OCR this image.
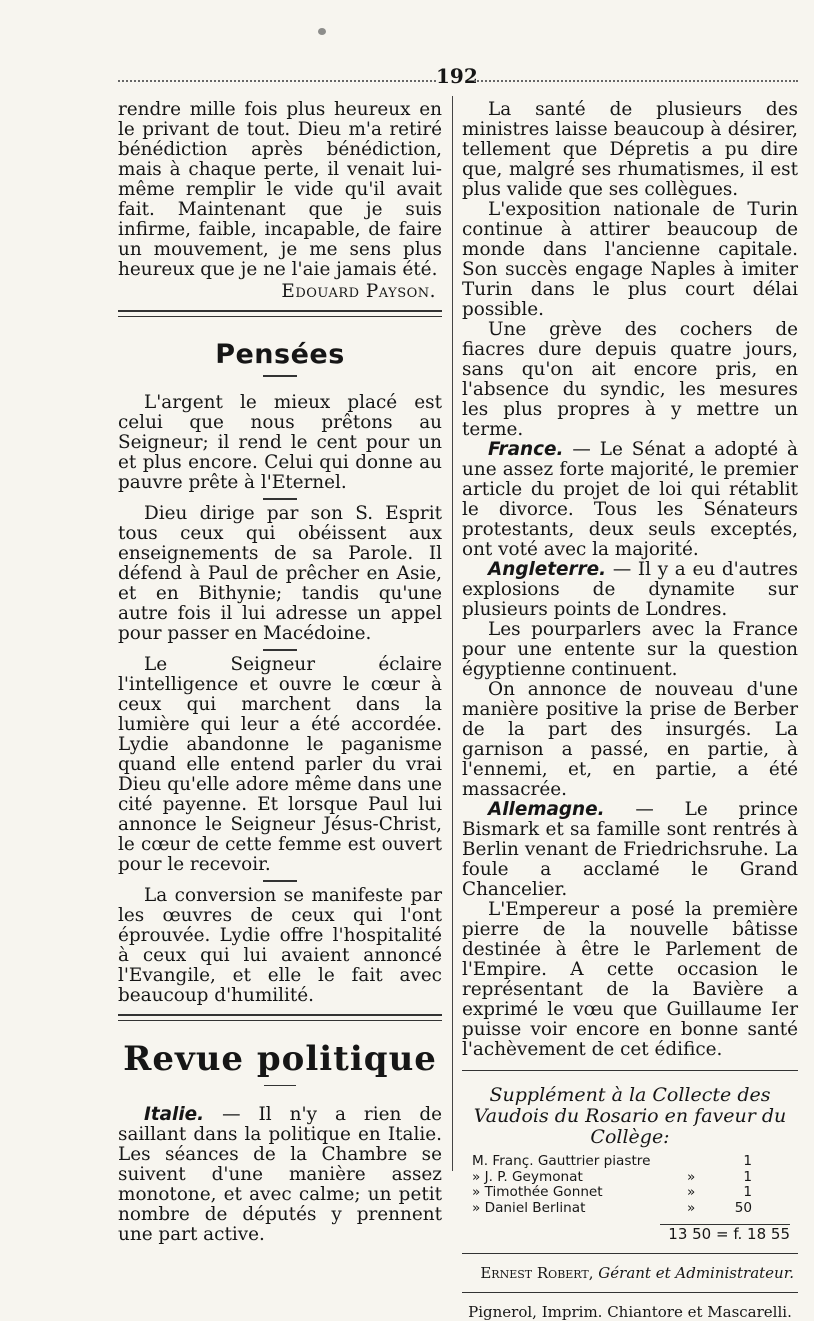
192

rendre mille fois plus heureux en le privant de tout. Dieu m'a retiré bénédiction après bénédiction, mais à chaque perte, il venait lui-même remplir le vide qu'il avait fait. Maintenant que je suis infirme, faible, incapable, de faire un mouvement, je me sens plus heureux que je ne l'aie jamais été.

Edouard Payson.

Pensées

L'argent le mieux placé est celui que nous prêtons au Seigneur; il rend le cent pour un et plus encore. Celui qui donne au pauvre prête à l'Eternel.

Dieu dirige par son S. Esprit tous ceux qui obéissent aux enseignements de sa Parole. Il défend à Paul de prêcher en Asie, et en Bithynie; tandis qu'une autre fois il lui adresse un appel pour passer en Macédoine.

Le Seigneur éclaire l'intelligence et ouvre le cœur à ceux qui marchent dans la lumière qui leur a été accordée. Lydie abandonne le paganisme quand elle entend parler du vrai Dieu qu'elle adore même dans une cité payenne. Et lorsque Paul lui annonce le Seigneur Jésus-Christ, le cœur de cette femme est ouvert pour le recevoir.

La conversion se manifeste par les œuvres de ceux qui l'ont éprouvée. Lydie offre l'hospitalité à ceux qui lui avaient annoncé l'Evangile, et elle le fait avec beaucoup d'humilité.

Revue politique

Italie. — Il n'y a rien de saillant dans la politique en Italie. Les séances de la Chambre se suivent d'une manière assez monotone, et avec calme; un petit nombre de députés y prennent une part active.

La santé de plusieurs des ministres laisse beaucoup à désirer, tellement que Dépretis a pu dire que, malgré ses rhumatismes, il est plus valide que ses collègues.

L'exposition nationale de Turin continue à attirer beaucoup de monde dans l'ancienne capitale. Son succès engage Naples à imiter Turin dans le plus court délai possible.

Une grève des cochers de fiacres dure depuis quatre jours, sans qu'on ait encore pris, en l'absence du syndic, les mesures les plus propres à y mettre un terme.

France. — Le Sénat a adopté à une assez forte majorité, le premier article du projet de loi qui rétablit le divorce. Tous les Sénateurs protestants, deux seuls exceptés, ont voté avec la majorité.

Angleterre. — Il y a eu d'autres explosions de dynamite sur plusieurs points de Londres.

Les pourparlers avec la France pour une entente sur la question égyptienne continuent.

On annonce de nouveau d'une manière positive la prise de Berber de la part des insurgés. La garnison a passé, en partie, à l'ennemi, et, en partie, a été massacrée.

Allemagne. — Le prince Bismark et sa famille sont rentrés à Berlin venant de Friedrichsruhe. La foule a acclamé le Grand Chancelier.

L'Empereur a posé la première pierre de la nouvelle bâtisse destinée à être le Parlement de l'Empire. A cette occasion le représentant de la Bavière a exprimé le vœu que Guillaume Ier puisse voir encore en bonne santé l'achèvement de cet édifice.

Supplément à la Collecte des Vaudois du Rosario en faveur du Collège:
M. Franç. Gauttrier piastre	1
» J. P. Geymonat	»	1
» Timothée Gonnet	»	1
» Daniel Berlinat	»	50
13 50 = f. 18 55
Ernest Robert, Gérant et Administrateur.
Pignerol, Imprim. Chiantore et Mascarelli.
